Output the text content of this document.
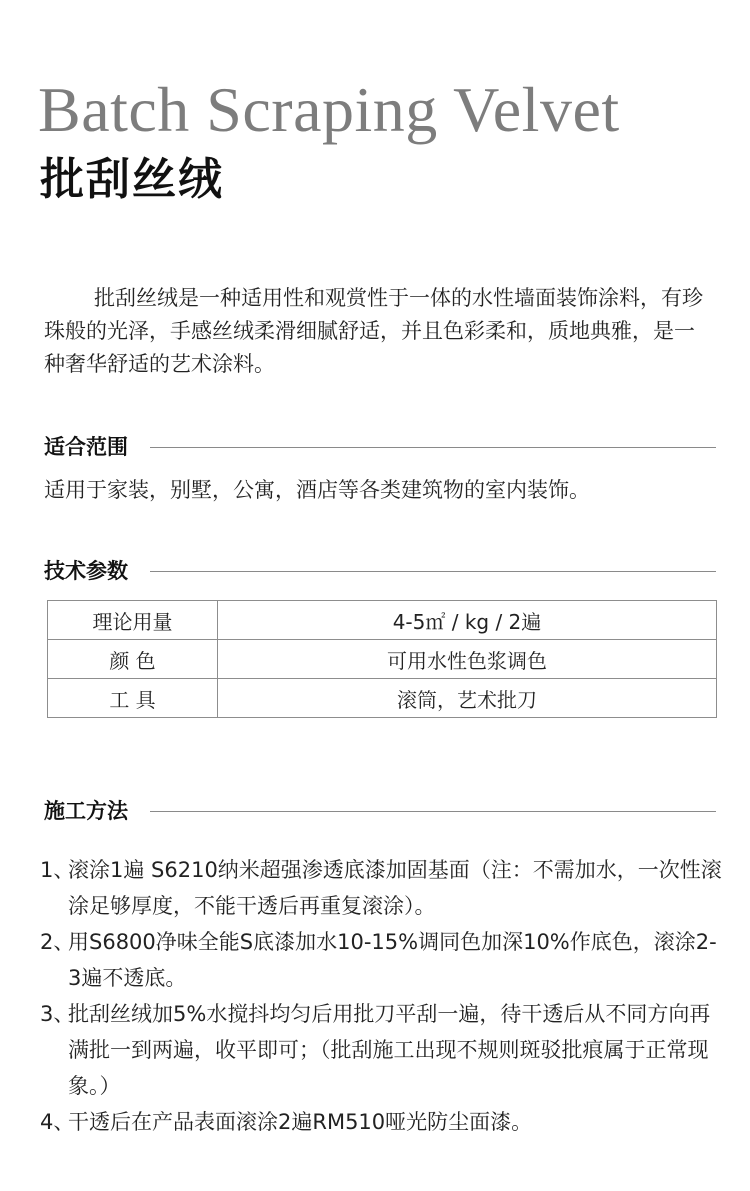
Batch Scraping Velvet
批刮丝绒
批刮丝绒是一种适用性和观赏性于一体的水性墙面装饰涂料，有珍珠般的光泽，手感丝绒柔滑细腻舒适，并且色彩柔和，质地典雅，是一种奢华舒适的艺术涂料。
适合范围
适用于家装，别墅，公寓，酒店等各类建筑物的室内装饰。
技术参数
理论用量	4-5㎡ / kg / 2遍
颜 色	可用水性色浆调色
工 具	滚筒，艺术批刀
施工方法
1、
滚涂1遍 S6210纳米超强渗透底漆加固基面（注：不需加水，一次性滚涂足够厚度，不能干透后再重复滚涂）。
2、
用S6800净味全能S底漆加水10-15%调同色加深10%作底色，滚涂2-3遍不透底。
3、
批刮丝绒加5%水搅抖均匀后用批刀平刮一遍，待干透后从不同方向再满批一到两遍，收平即可；（批刮施工出现不规则斑驳批痕属于正常现象。）
4、
干透后在产品表面滚涂2遍RM510哑光防尘面漆。
